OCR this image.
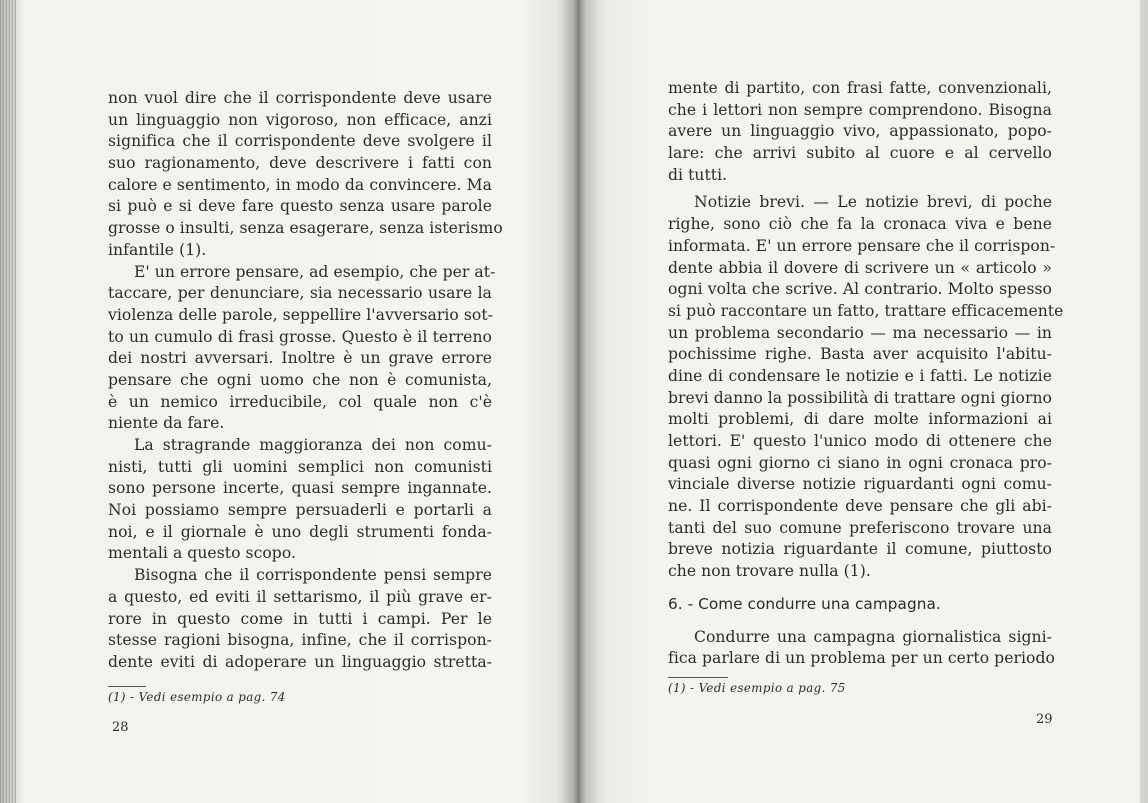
non vuol dire che il corrispondente deve usare
un linguaggio non vigoroso, non efficace, anzi
significa che il corrispondente deve svolgere il
suo ragionamento, deve descrivere i fatti con
calore e sentimento, in modo da convincere. Ma
si può e si deve fare questo senza usare parole
grosse o insulti, senza esagerare, senza isterismo
infantile (1).
E' un errore pensare, ad esempio, che per at-
taccare, per denunciare, sia necessario usare la
violenza delle parole, seppellire l'avversario sot-
to un cumulo di frasi grosse. Questo è il terreno
dei nostri avversari. Inoltre è un grave errore
pensare che ogni uomo che non è comunista,
è un nemico irreducibile, col quale non c'è
niente da fare.
La stragrande maggioranza dei non comu-
nisti, tutti gli uomini semplici non comunisti
sono persone incerte, quasi sempre ingannate.
Noi possiamo sempre persuaderli e portarli a
noi, e il giornale è uno degli strumenti fonda-
mentali a questo scopo.
Bisogna che il corrispondente pensi sempre
a questo, ed eviti il settarismo, il più grave er-
rore in questo come in tutti i campi. Per le
stesse ragioni bisogna, infine, che il corrispon-
dente eviti di adoperare un linguaggio stretta-
(1) - Vedi esempio a pag. 74
28
mente di partito, con frasi fatte, convenzionali,
che i lettori non sempre comprendono. Bisogna
avere un linguaggio vivo, appassionato, popo-
lare: che arrivi subito al cuore e al cervello
di tutti.
Notizie brevi. — Le notizie brevi, di poche
righe, sono ciò che fa la cronaca viva e bene
informata. E' un errore pensare che il corrispon-
dente abbia il dovere di scrivere un « articolo »
ogni volta che scrive. Al contrario. Molto spesso
si può raccontare un fatto, trattare efficacemente
un problema secondario — ma necessario — in
pochissime righe. Basta aver acquisito l'abitu-
dine di condensare le notizie e i fatti. Le notizie
brevi danno la possibilità di trattare ogni giorno
molti problemi, di dare molte informazioni ai
lettori. E' questo l'unico modo di ottenere che
quasi ogni giorno ci siano in ogni cronaca pro-
vinciale diverse notizie riguardanti ogni comu-
ne. Il corrispondente deve pensare che gli abi-
tanti del suo comune preferiscono trovare una
breve notizia riguardante il comune, piuttosto
che non trovare nulla (1).
6. - Come condurre una campagna.
Condurre una campagna giornalistica signi-
fica parlare di un problema per un certo periodo
(1) - Vedi esempio a pag. 75
29
